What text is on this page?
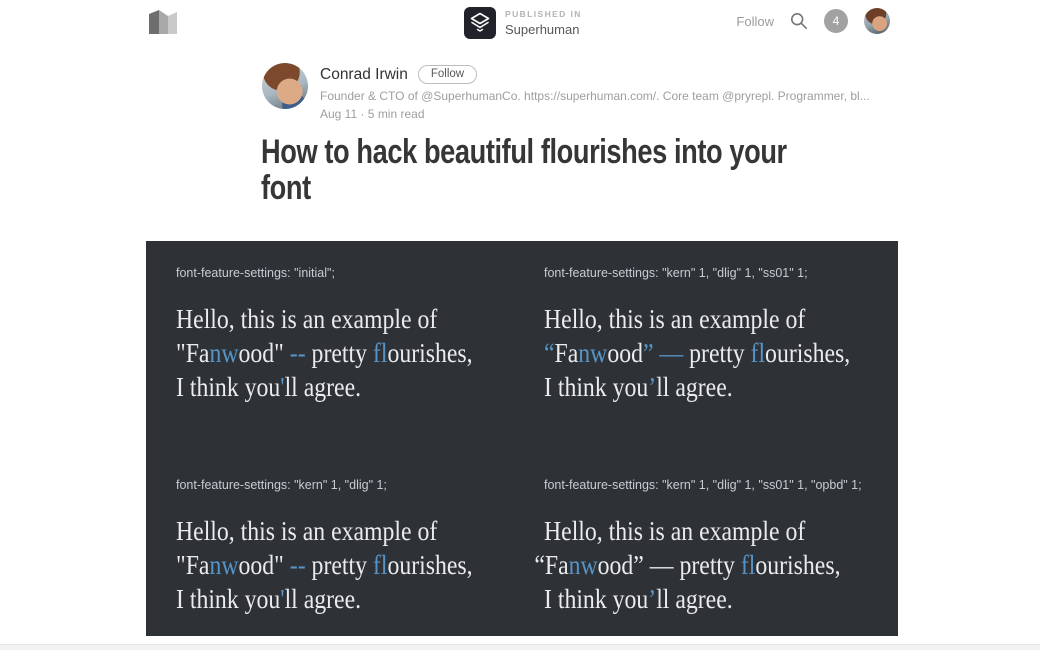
PUBLISHED IN
Superhuman
Follow	4
Conrad Irwin	Follow
Founder & CTO of @SuperhumanCo. https://superhuman.com/. Core team @pryrepl. Programmer, bl...
Aug 11 · 5 min read
How to hack beautiful flourishes into your
font
font-feature-settings: "initial";
Hello, this is an example of
"Fanwood" -- pretty flourishes,
I think you'll agree.
font-feature-settings: "kern" 1, "dlig" 1, "ss01" 1;
Hello, this is an example of
“Fanwood” — pretty flourishes,
I think you’ll agree.
font-feature-settings: "kern" 1, "dlig" 1;
Hello, this is an example of
"Fanwood" -- pretty flourishes,
I think you'll agree.
font-feature-settings: "kern" 1, "dlig" 1, "ss01" 1, "opbd" 1;
Hello, this is an example of
“Fanwood” — pretty flourishes,
I think you’ll agree.
